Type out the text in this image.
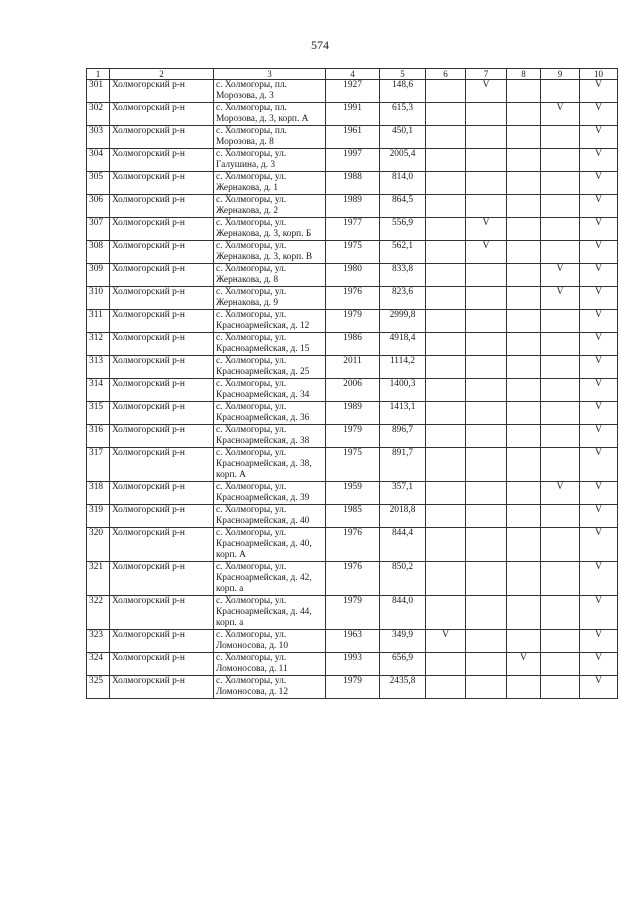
574
1	2	3	4	5	6	7	8	9	10
301	Холмогорский р-н	с. Холмогоры, пл. Морозова, д. 3	1927	148,6		V			V
302	Холмогорский р-н	с. Холмогоры, пл. Морозова, д. 3, корп. А	1991	615,3				V	V
303	Холмогорский р-н	с. Холмогоры, пл. Морозова, д. 8	1961	450,1					V
304	Холмогорский р-н	с. Холмогоры, ул. Галушина, д. 3	1997	2005,4					V
305	Холмогорский р-н	с. Холмогоры, ул. Жернакова, д. 1	1988	814,0					V
306	Холмогорский р-н	с. Холмогоры, ул. Жернакова, д. 2	1989	864,5					V
307	Холмогорский р-н	с. Холмогоры, ул. Жернакова, д. 3, корп. Б	1977	556,9		V			V
308	Холмогорский р-н	с. Холмогоры, ул. Жернакова, д. 3, корп. В	1975	562,1		V			V
309	Холмогорский р-н	с. Холмогоры, ул. Жернакова, д. 8	1980	833,8				V	V
310	Холмогорский р-н	с. Холмогоры, ул. Жернакова, д. 9	1976	823,6				V	V
311	Холмогорский р-н	с. Холмогоры, ул. Красноармейская, д. 12	1979	2999,8					V
312	Холмогорский р-н	с. Холмогоры, ул. Красноармейская, д. 15	1986	4918,4					V
313	Холмогорский р-н	с. Холмогоры, ул. Красноармейская, д. 25	2011	1114,2					V
314	Холмогорский р-н	с. Холмогоры, ул. Красноармейская, д. 34	2006	1400,3					V
315	Холмогорский р-н	с. Холмогоры, ул. Красноармейская, д. 36	1989	1413,1					V
316	Холмогорский р-н	с. Холмогоры, ул. Красноармейская, д. 38	1979	896,7					V
317	Холмогорский р-н	с. Холмогоры, ул. Красноармейская, д. 38, корп. А	1975	891,7					V
318	Холмогорский р-н	с. Холмогоры, ул. Красноармейская, д. 39	1959	357,1				V	V
319	Холмогорский р-н	с. Холмогоры, ул. Красноармейская, д. 40	1985	2018,8					V
320	Холмогорский р-н	с. Холмогоры, ул. Красноармейская, д. 40, корп. А	1976	844,4					V
321	Холмогорский р-н	с. Холмогоры, ул. Красноармейская, д. 42, корп. а	1976	850,2					V
322	Холмогорский р-н	с. Холмогоры, ул. Красноармейская, д. 44, корп. а	1979	844,0					V
323	Холмогорский р-н	с. Холмогоры, ул. Ломоносова, д. 10	1963	349,9	V				V
324	Холмогорский р-н	с. Холмогоры, ул. Ломоносова, д. 11	1993	656,9			V		V
325	Холмогорский р-н	с. Холмогоры, ул. Ломоносова, д. 12	1979	2435,8					V
